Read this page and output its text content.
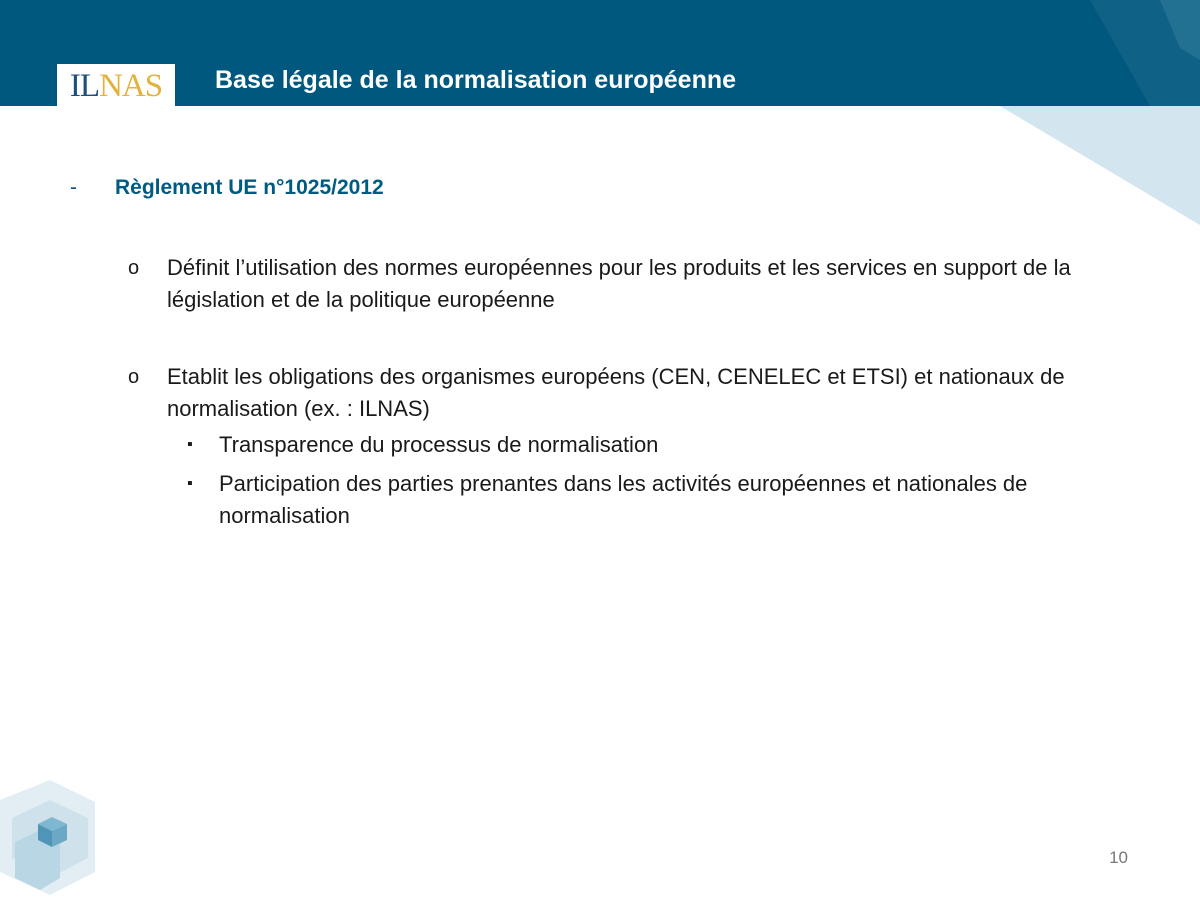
ILNAS Base légale de la normalisation européenne
-	Règlement UE n°1025/2012
o	Définit l’utilisation des normes européennes pour les produits et les services en support de la législation et de la politique européenne
o	Etablit les obligations des organismes européens (CEN, CENELEC et ETSI) et nationaux de normalisation (ex. : ILNAS)
▪	Transparence du processus de normalisation
▪	Participation des parties prenantes dans les activités européennes et nationales de normalisation
10
